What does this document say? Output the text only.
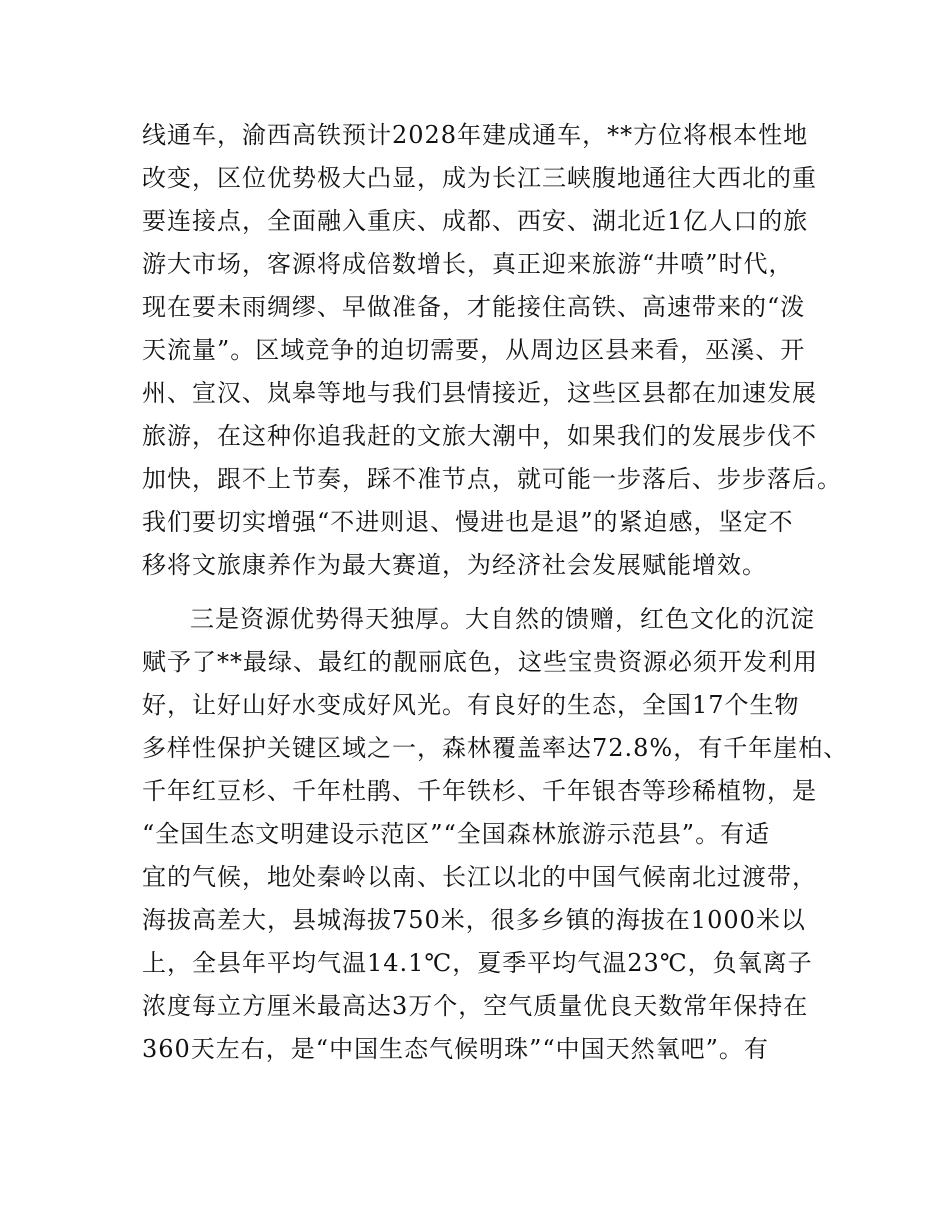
线通车，渝西高铁预计2028年建成通车，**方位将根本性地
改变，区位优势极大凸显，成为长江三峡腹地通往大西北的重
要连接点，全面融入重庆、成都、西安、湖北近1亿人口的旅
游大市场，客源将成倍数增长，真正迎来旅游“井喷”时代，
现在要未雨绸缪、早做准备，才能接住高铁、高速带来的“泼
天流量”。区域竞争的迫切需要，从周边区县来看，巫溪、开
州、宣汉、岚皋等地与我们县情接近，这些区县都在加速发展
旅游，在这种你追我赶的文旅大潮中，如果我们的发展步伐不
加快，跟不上节奏，踩不准节点，就可能一步落后、步步落后。
我们要切实增强“不进则退、慢进也是退”的紧迫感，坚定不
移将文旅康养作为最大赛道，为经济社会发展赋能增效。
三是资源优势得天独厚。大自然的馈赠，红色文化的沉淀
赋予了**最绿、最红的靓丽底色，这些宝贵资源必须开发利用
好，让好山好水变成好风光。有良好的生态，全国17个生物
多样性保护关键区域之一，森林覆盖率达72.8%，有千年崖柏、
千年红豆杉、千年杜鹃、千年铁杉、千年银杏等珍稀植物，是
“全国生态文明建设示范区”“全国森林旅游示范县”。有适
宜的气候，地处秦岭以南、长江以北的中国气候南北过渡带，
海拔高差大，县城海拔750米，很多乡镇的海拔在1000米以
上，全县年平均气温14.1℃，夏季平均气温23℃，负氧离子
浓度每立方厘米最高达3万个，空气质量优良天数常年保持在
360天左右，是“中国生态气候明珠”“中国天然氧吧”。有
